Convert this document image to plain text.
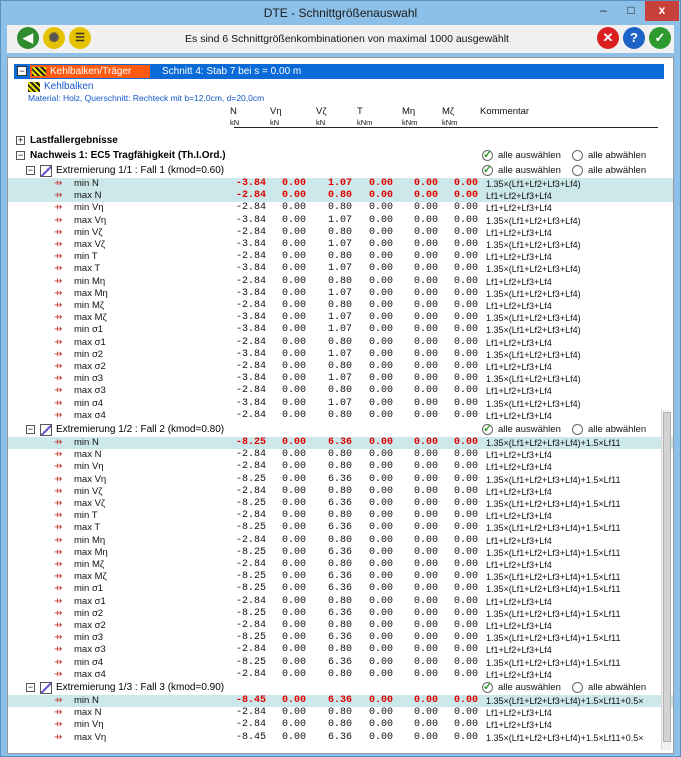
DTE - Schnittgrößenauswahl	–	□	x
◀	✺	☰	Es sind 6 Schnittgrößenkombinationen von maximal 1000 ausgewählt	✕	?	✓
−	Kehlbalken/Träger	Schnitt 4: Stab 7 bei s = 0.00 m
Kehlbalken
Material: Holz, Querschnitt: Rechteck mit b=12,0cm, d=20,0cm
N
kN
Vη
kN
Vζ
kN
T
kNm
Mη
kNm
Mζ
kNm
Kommentar
+ Lastfallergebnisse
− Nachweis 1: EC5 Tragfähigkeit (Th.I.Ord.)	✓ alle auswählen	alle abwählen
− Extremierung 1/1 : Fall 1 (kmod=0.60)	✓ alle auswählen	alle abwählen
⇸	min N	-3.84	0.00	1.07	0.00	0.00	0.00 1.35×(Lf1+Lf2+Lf3+Lf4)
⇸	max N	-2.84	0.00	0.80	0.00	0.00	0.00 Lf1+Lf2+Lf3+Lf4
⇸	min Vη	-2.84	0.00	0.80	0.00	0.00	0.00 Lf1+Lf2+Lf3+Lf4
⇸	max Vη	-3.84	0.00	1.07	0.00	0.00	0.00 1.35×(Lf1+Lf2+Lf3+Lf4)
⇸	min Vζ	-2.84	0.00	0.80	0.00	0.00	0.00 Lf1+Lf2+Lf3+Lf4
⇸	max Vζ	-3.84	0.00	1.07	0.00	0.00	0.00 1.35×(Lf1+Lf2+Lf3+Lf4)
⇸	min T	-2.84	0.00	0.80	0.00	0.00	0.00 Lf1+Lf2+Lf3+Lf4
⇸	max T	-3.84	0.00	1.07	0.00	0.00	0.00 1.35×(Lf1+Lf2+Lf3+Lf4)
⇸	min Mη	-2.84	0.00	0.80	0.00	0.00	0.00 Lf1+Lf2+Lf3+Lf4
⇸	max Mη	-3.84	0.00	1.07	0.00	0.00	0.00 1.35×(Lf1+Lf2+Lf3+Lf4)
⇸	min Mζ	-2.84	0.00	0.80	0.00	0.00	0.00 Lf1+Lf2+Lf3+Lf4
⇸	max Mζ	-3.84	0.00	1.07	0.00	0.00	0.00 1.35×(Lf1+Lf2+Lf3+Lf4)
⇸	min σ1	-3.84	0.00	1.07	0.00	0.00	0.00 1.35×(Lf1+Lf2+Lf3+Lf4)
⇸	max σ1	-2.84	0.00	0.80	0.00	0.00	0.00 Lf1+Lf2+Lf3+Lf4
⇸	min σ2	-3.84	0.00	1.07	0.00	0.00	0.00 1.35×(Lf1+Lf2+Lf3+Lf4)
⇸	max σ2	-2.84	0.00	0.80	0.00	0.00	0.00 Lf1+Lf2+Lf3+Lf4
⇸	min σ3	-3.84	0.00	1.07	0.00	0.00	0.00 1.35×(Lf1+Lf2+Lf3+Lf4)
⇸	max σ3	-2.84	0.00	0.80	0.00	0.00	0.00 Lf1+Lf2+Lf3+Lf4
⇸	min σ4	-3.84	0.00	1.07	0.00	0.00	0.00 1.35×(Lf1+Lf2+Lf3+Lf4)
⇸	max σ4	-2.84	0.00	0.80	0.00	0.00	0.00 Lf1+Lf2+Lf3+Lf4
− Extremierung 1/2 : Fall 2 (kmod=0.80)	✓ alle auswählen	alle abwählen
⇸	min N	-8.25	0.00	6.36	0.00	0.00	0.00 1.35×(Lf1+Lf2+Lf3+Lf4)+1.5×Lf11
⇸	max N	-2.84	0.00	0.80	0.00	0.00	0.00 Lf1+Lf2+Lf3+Lf4
⇸	min Vη	-2.84	0.00	0.80	0.00	0.00	0.00 Lf1+Lf2+Lf3+Lf4
⇸	max Vη	-8.25	0.00	6.36	0.00	0.00	0.00 1.35×(Lf1+Lf2+Lf3+Lf4)+1.5×Lf11
⇸	min Vζ	-2.84	0.00	0.80	0.00	0.00	0.00 Lf1+Lf2+Lf3+Lf4
⇸	max Vζ	-8.25	0.00	6.36	0.00	0.00	0.00 1.35×(Lf1+Lf2+Lf3+Lf4)+1.5×Lf11
⇸	min T	-2.84	0.00	0.80	0.00	0.00	0.00 Lf1+Lf2+Lf3+Lf4
⇸	max T	-8.25	0.00	6.36	0.00	0.00	0.00 1.35×(Lf1+Lf2+Lf3+Lf4)+1.5×Lf11
⇸	min Mη	-2.84	0.00	0.80	0.00	0.00	0.00 Lf1+Lf2+Lf3+Lf4
⇸	max Mη	-8.25	0.00	6.36	0.00	0.00	0.00 1.35×(Lf1+Lf2+Lf3+Lf4)+1.5×Lf11
⇸	min Mζ	-2.84	0.00	0.80	0.00	0.00	0.00 Lf1+Lf2+Lf3+Lf4
⇸	max Mζ	-8.25	0.00	6.36	0.00	0.00	0.00 1.35×(Lf1+Lf2+Lf3+Lf4)+1.5×Lf11
⇸	min σ1	-8.25	0.00	6.36	0.00	0.00	0.00 1.35×(Lf1+Lf2+Lf3+Lf4)+1.5×Lf11
⇸	max σ1	-2.84	0.00	0.80	0.00	0.00	0.00 Lf1+Lf2+Lf3+Lf4
⇸	min σ2	-8.25	0.00	6.36	0.00	0.00	0.00 1.35×(Lf1+Lf2+Lf3+Lf4)+1.5×Lf11
⇸	max σ2	-2.84	0.00	0.80	0.00	0.00	0.00 Lf1+Lf2+Lf3+Lf4
⇸	min σ3	-8.25	0.00	6.36	0.00	0.00	0.00 1.35×(Lf1+Lf2+Lf3+Lf4)+1.5×Lf11
⇸	max σ3	-2.84	0.00	0.80	0.00	0.00	0.00 Lf1+Lf2+Lf3+Lf4
⇸	min σ4	-8.25	0.00	6.36	0.00	0.00	0.00 1.35×(Lf1+Lf2+Lf3+Lf4)+1.5×Lf11
⇸	max σ4	-2.84	0.00	0.80	0.00	0.00	0.00 Lf1+Lf2+Lf3+Lf4
− Extremierung 1/3 : Fall 3 (kmod=0.90)	✓ alle auswählen	alle abwählen
⇸	min N	-8.45	0.00	6.36	0.00	0.00	0.00 1.35×(Lf1+Lf2+Lf3+Lf4)+1.5×Lf11+0.5×
⇸	max N	-2.84	0.00	0.80	0.00	0.00	0.00 Lf1+Lf2+Lf3+Lf4
⇸	min Vη	-2.84	0.00	0.80	0.00	0.00	0.00 Lf1+Lf2+Lf3+Lf4
⇸	max Vη	-8.45	0.00	6.36	0.00	0.00	0.00 1.35×(Lf1+Lf2+Lf3+Lf4)+1.5×Lf11+0.5×
